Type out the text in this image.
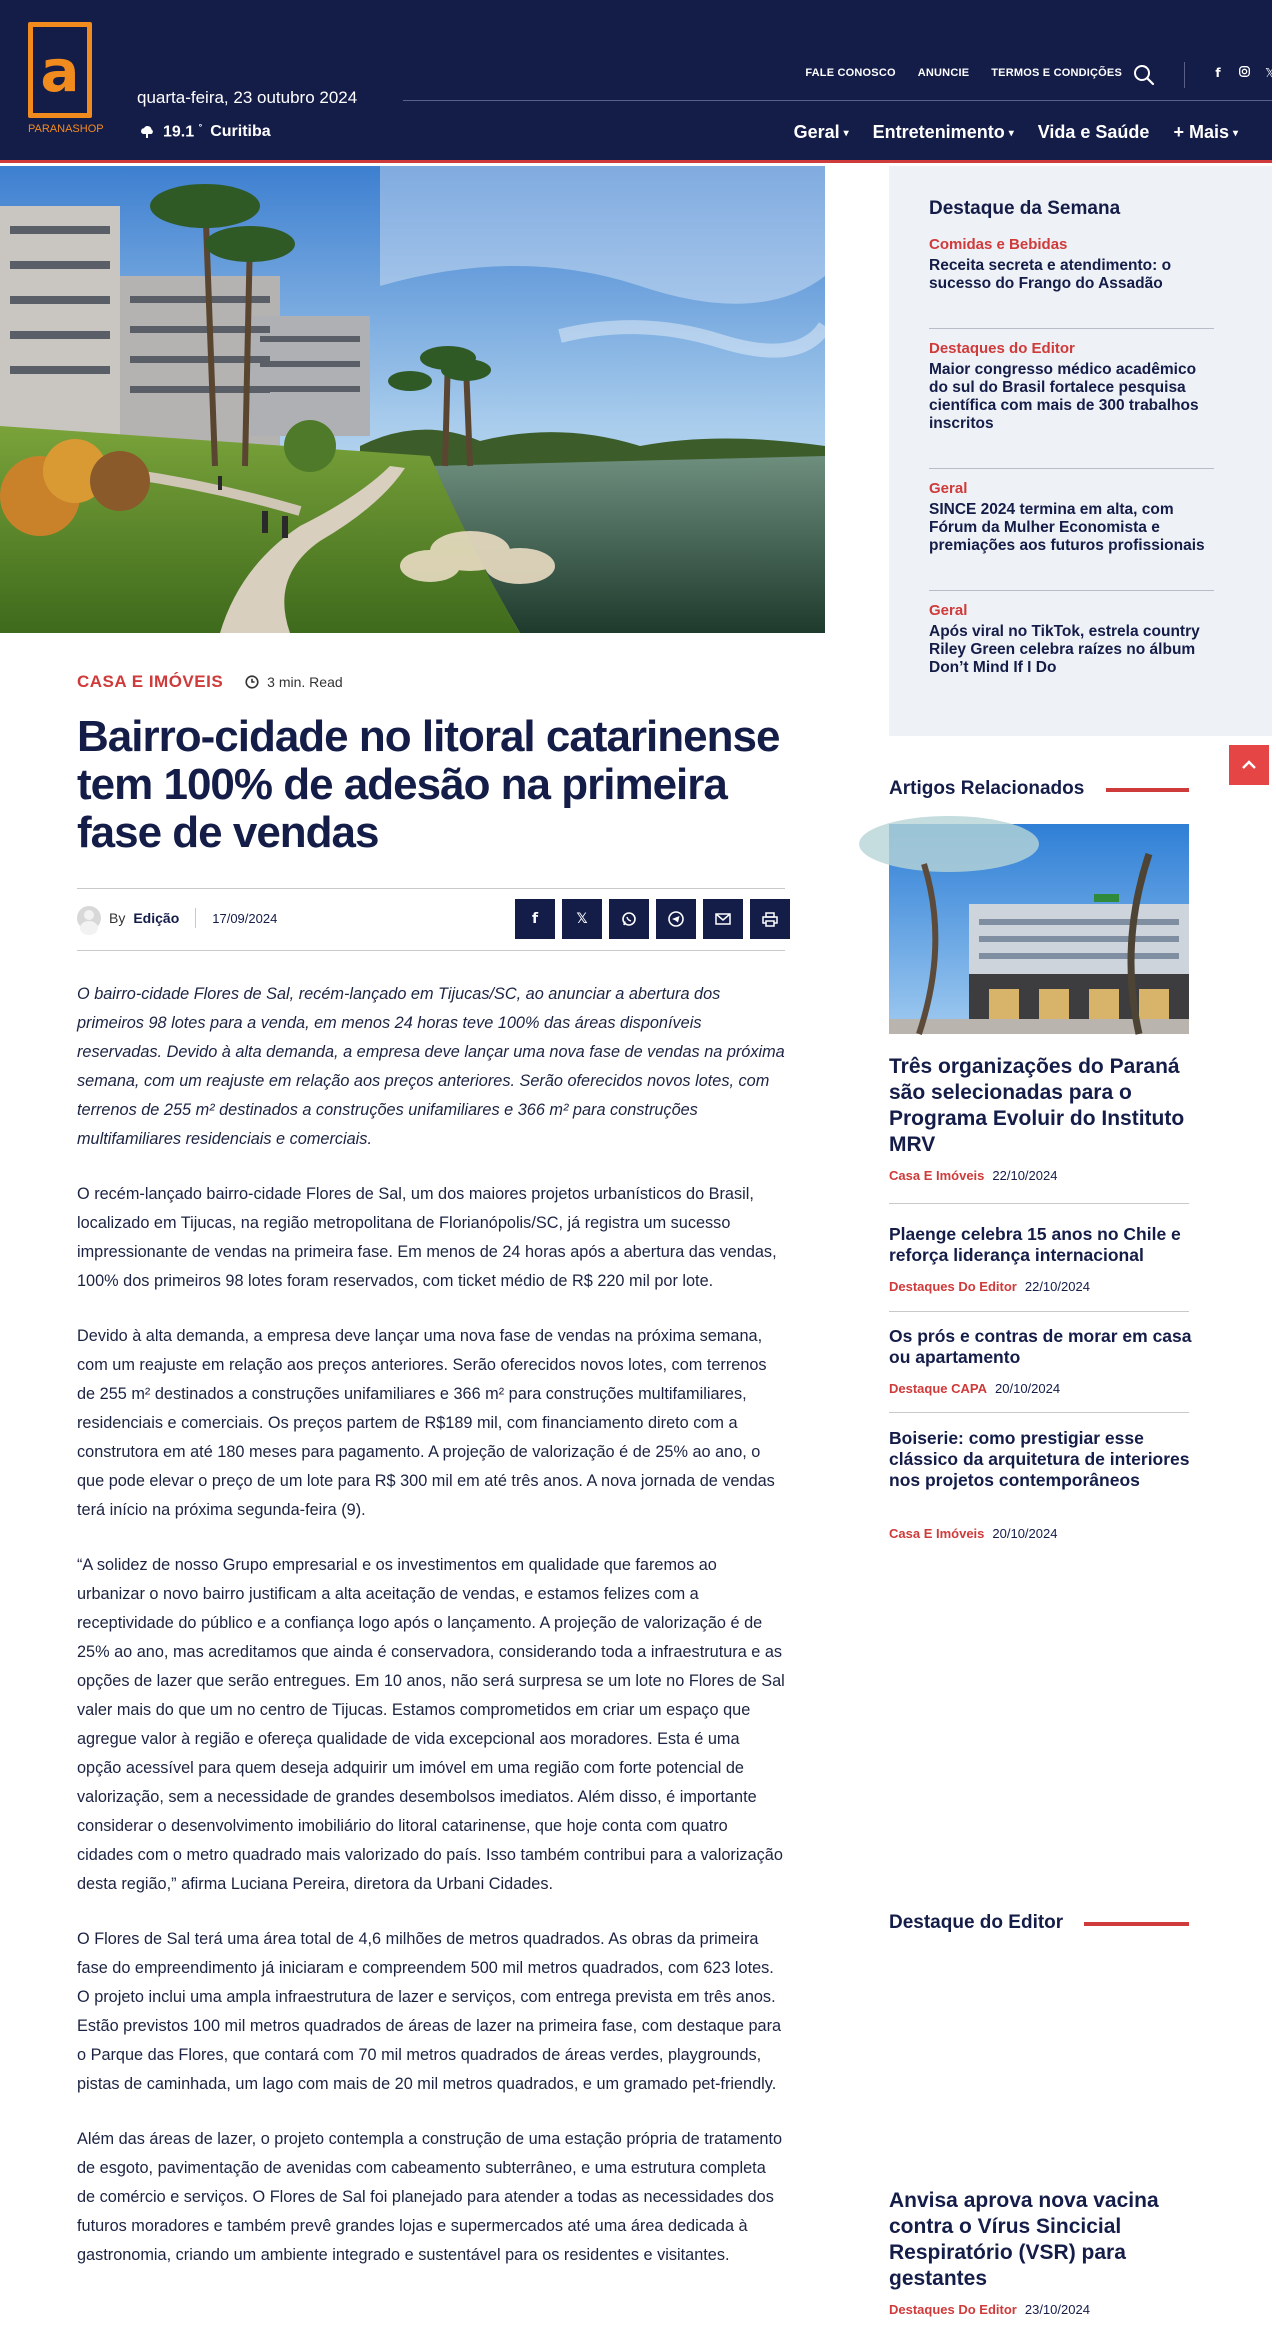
a
PARANASHOP
quarta-feira, 23 outubro 2024
19.1 ° Curitiba
FALE CONOSCO ANUNCIE TERMOS E CONDIÇÕES	f	𝕏
Geral ▾ Entretenimento ▾ Vida e Saúde + Mais ▾
CASA E IMÓVEIS	3 min. Read
Bairro-cidade no litoral catarinense tem 100% de adesão na primeira fase de vendas
By Edição	17/09/2024	f	𝕏

O bairro-cidade Flores de Sal, recém-lançado em Tijucas/SC, ao anunciar a abertura dos primeiros 98 lotes para a venda, em menos 24 horas teve 100% das áreas disponíveis reservadas. Devido à alta demanda, a empresa deve lançar uma nova fase de vendas na próxima semana, com um reajuste em relação aos preços anteriores. Serão oferecidos novos lotes, com terrenos de 255 m² destinados a construções unifamiliares e 366 m² para construções multifamiliares residenciais e comerciais.

O recém-lançado bairro-cidade Flores de Sal, um dos maiores projetos urbanísticos do Brasil, localizado em Tijucas, na região metropolitana de Florianópolis/SC, já registra um sucesso impressionante de vendas na primeira fase. Em menos de 24 horas após a abertura das vendas, 100% dos primeiros 98 lotes foram reservados, com ticket médio de R$ 220 mil por lote.

Devido à alta demanda, a empresa deve lançar uma nova fase de vendas na próxima semana, com um reajuste em relação aos preços anteriores. Serão oferecidos novos lotes, com terrenos de 255 m² destinados a construções unifamiliares e 366 m² para construções multifamiliares, residenciais e comerciais. Os preços partem de R$189 mil, com financiamento direto com a construtora em até 180 meses para pagamento. A projeção de valorização é de 25% ao ano, o que pode elevar o preço de um lote para R$ 300 mil em até três anos. A nova jornada de vendas terá início na próxima segunda-feira (9).

“A solidez de nosso Grupo empresarial e os investimentos em qualidade que faremos ao urbanizar o novo bairro justificam a alta aceitação de vendas, e estamos felizes com a receptividade do público e a confiança logo após o lançamento. A projeção de valorização é de 25% ao ano, mas acreditamos que ainda é conservadora, considerando toda a infraestrutura e as opções de lazer que serão entregues. Em 10 anos, não será surpresa se um lote no Flores de Sal valer mais do que um no centro de Tijucas. Estamos comprometidos em criar um espaço que agregue valor à região e ofereça qualidade de vida excepcional aos moradores. Esta é uma opção acessível para quem deseja adquirir um imóvel em uma região com forte potencial de valorização, sem a necessidade de grandes desembolsos imediatos. Além disso, é importante considerar o desenvolvimento imobiliário do litoral catarinense, que hoje conta com quatro cidades com o metro quadrado mais valorizado do país. Isso também contribui para a valorização desta região,” afirma Luciana Pereira, diretora da Urbani Cidades.

O Flores de Sal terá uma área total de 4,6 milhões de metros quadrados. As obras da primeira fase do empreendimento já iniciaram e compreendem 500 mil metros quadrados, com 623 lotes. O projeto inclui uma ampla infraestrutura de lazer e serviços, com entrega prevista em três anos. Estão previstos 100 mil metros quadrados de áreas de lazer na primeira fase, com destaque para o Parque das Flores, que contará com 70 mil metros quadrados de áreas verdes, playgrounds, pistas de caminhada, um lago com mais de 20 mil metros quadrados, e um gramado pet-friendly.

Além das áreas de lazer, o projeto contempla a construção de uma estação própria de tratamento de esgoto, pavimentação de avenidas com cabeamento subterrâneo, e uma estrutura completa de comércio e serviços. O Flores de Sal foi planejado para atender a todas as necessidades dos futuros moradores e também prevê grandes lojas e supermercados até uma área dedicada à gastronomia, criando um ambiente integrado e sustentável para os residentes e visitantes.

Destaque da Semana
Comidas e Bebidas
Receita secreta e atendimento: o sucesso do Frango do Assadão
Destaques do Editor
Maior congresso médico acadêmico do sul do Brasil fortalece pesquisa científica com mais de 300 trabalhos inscritos
Geral
SINCE 2024 termina em alta, com Fórum da Mulher Economista e premiações aos futuros profissionais
Geral
Após viral no TikTok, estrela country Riley Green celebra raízes no álbum Don’t Mind If I Do
Artigos Relacionados
Três organizações do Paraná são selecionadas para o Programa Evoluir do Instituto MRV
Casa E Imóveis 22/10/2024
Plaenge celebra 15 anos no Chile e reforça liderança internacional
Destaques Do Editor 22/10/2024
Os prós e contras de morar em casa ou apartamento
Destaque CAPA 20/10/2024
Boiserie: como prestigiar esse clássico da arquitetura de interiores nos projetos contemporâneos
Casa E Imóveis 20/10/2024
Destaque do Editor
Anvisa aprova nova vacina contra o Vírus Sincicial Respiratório (VSR) para gestantes
Destaques Do Editor 23/10/2024
